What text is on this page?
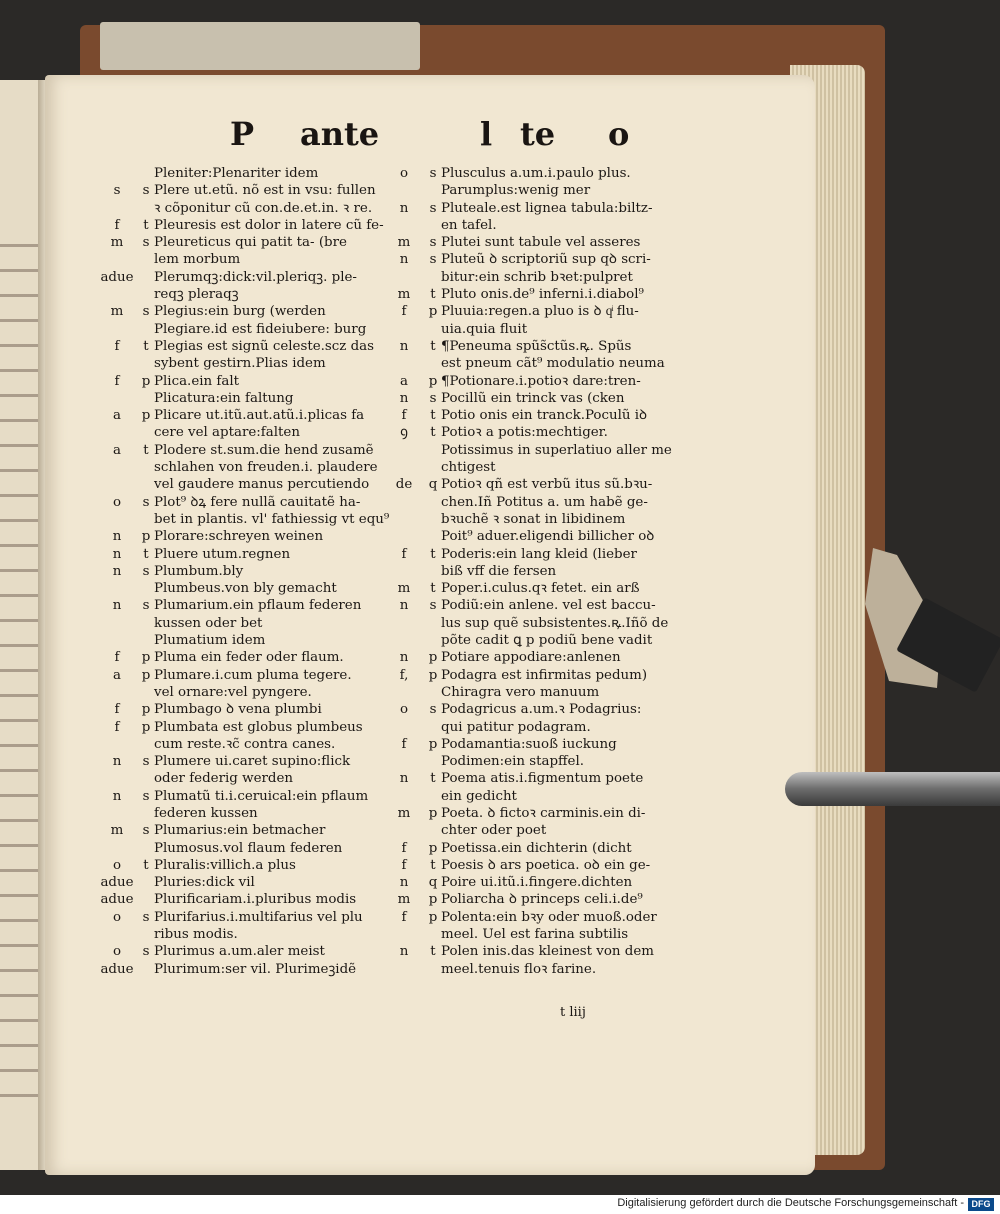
P ante	l te o
Pleniter:Plenariter idem
s	s Plere ut.etũ. nõ est in vsu: fullen
ꝛ cõponitur cũ con.de.et.in. ꝛ re.
f	t Pleuresis est dolor in latere cũ fe-
m	s Pleureticus qui patit ta- (bre
lem morbum
adue Plerumqꝫ:dick:vil.pleriqꝫ. ple-
reqꝫ pleraqꝫ
m	s Plegius:ein burg (werden
Plegiare.id est fideiubere: burg
f	t Plegias est signũ celeste.scz das
sybent gestirn.Plias idem
f	p Plica.ein falt
Plicatura:ein faltung
a	p Plicare ut.itũ.aut.atũ.i.plicas fa
cere vel aptare:falten
a	t Plodere st.sum.die hend zusamẽ
schlahen von freuden.i. plaudere
vel gaudere manus percutiendo
o	s Plot⁹ ꝺꝝ fere nullã cauitatẽ ha-
bet in plantis. vl' fathiessig vt equ⁹
n	p Plorare:schreyen weinen
n	t Pluere utum.regnen
n	s Plumbum.bly
Plumbeus.von bly gemacht
n	s Plumarium.ein pflaum federen
kussen oder bet
Plumatium idem
f	p Pluma ein feder oder flaum.
a	p Plumare.i.cum pluma tegere.
vel ornare:vel pyngere.
f	p Plumbago ꝺ vena plumbi
f	p Plumbata est globus plumbeus
cum reste.ꝛc̃ contra canes.
n	s Plumere ui.caret supino:flick
oder federig werden
n	s Plumatũ ti.i.ceruical:ein pflaum
federen kussen
m	s Plumarius:ein betmacher
Plumosus.vol flaum federen
o	t Pluralis:villich.a plus
adue Pluries:dick vil
adue Plurificariam.i.pluribus modis
o	s Plurifarius.i.multifarius vel plu
ribus modis.
o	s Plurimus a.um.aler meist
adue Plurimum:ser vil. Plurimeꝫidẽ
o	s Plusculus a.um.i.paulo plus.
Parumplus:wenig mer
n	s Pluteale.est lignea tabula:biltz-
en tafel.
m	s Plutei sunt tabule vel asseres
n	s Pluteũ ꝺ scriptoriũ sup qꝺ scri-
bitur:ein schrib bꝛet:pulpret
m	t Pluto onis.de⁹ inferni.i.diabol⁹
f	p Pluuia:regen.a pluo is ꝺ qͥ flu-
uia.quia fluit
n	t ¶Peneuma spũs̃ctũs.ꝶ. Spũs
est pneum cãt⁹ modulatio neuma
a	p ¶Potionare.i.potioꝛ dare:tren-
n	s Pocillũ ein trinck vas (cken
f	t Potio onis ein tranck.Poculũ iꝺ
ꝯ	t Potioꝛ a potis:mechtiger.
Potissimus in superlatiuo aller me
chtigest
de	q Potioꝛ qñ est verbũ itus sũ.bꝛu-
chen.Iñ Potitus a. um habẽ ge-
bꝛuchẽ ꝛ sonat in libidinem
Poit⁹ aduer.eligendi billicher oꝺ
f	t Poderis:ein lang kleid (lieber
biß vff die fersen
m	t Poper.i.culus.qꝛ fetet. ein arß
n	s Podiũ:ein anlene. vel est baccu-
lus sup quẽ subsistentes.ꝶ.Iñõ de
põte cadit ꝗ p podiũ bene vadit
n	p Potiare appodiare:anlenen
f,	p Podagra est infirmitas pedum)
Chiragra vero manuum
o	s Podagricus a.um.ꝛ Podagrius:
qui patitur podagram.
f	p Podamantia:suoß iuckung
Podimen:ein stapffel.
n	t Poema atis.i.figmentum poete
ein gedicht
m	p Poeta. ꝺ fictoꝛ carminis.ein di-
chter oder poet
f	p Poetissa.ein dichterin (dicht
f	t Poesis ꝺ ars poetica. oꝺ ein ge-
n	q Poire ui.itũ.i.fingere.dichten
m	p Poliarcha ꝺ princeps celi.i.de⁹
f	p Polenta:ein bꝛy oder muoß.oder
meel. Uel est farina subtilis
n	t Polen inis.das kleinest von dem
meel.tenuis floꝛ farine.
t liij
Digitalisierung gefördert durch die Deutsche Forschungsgemeinschaft - DFG
